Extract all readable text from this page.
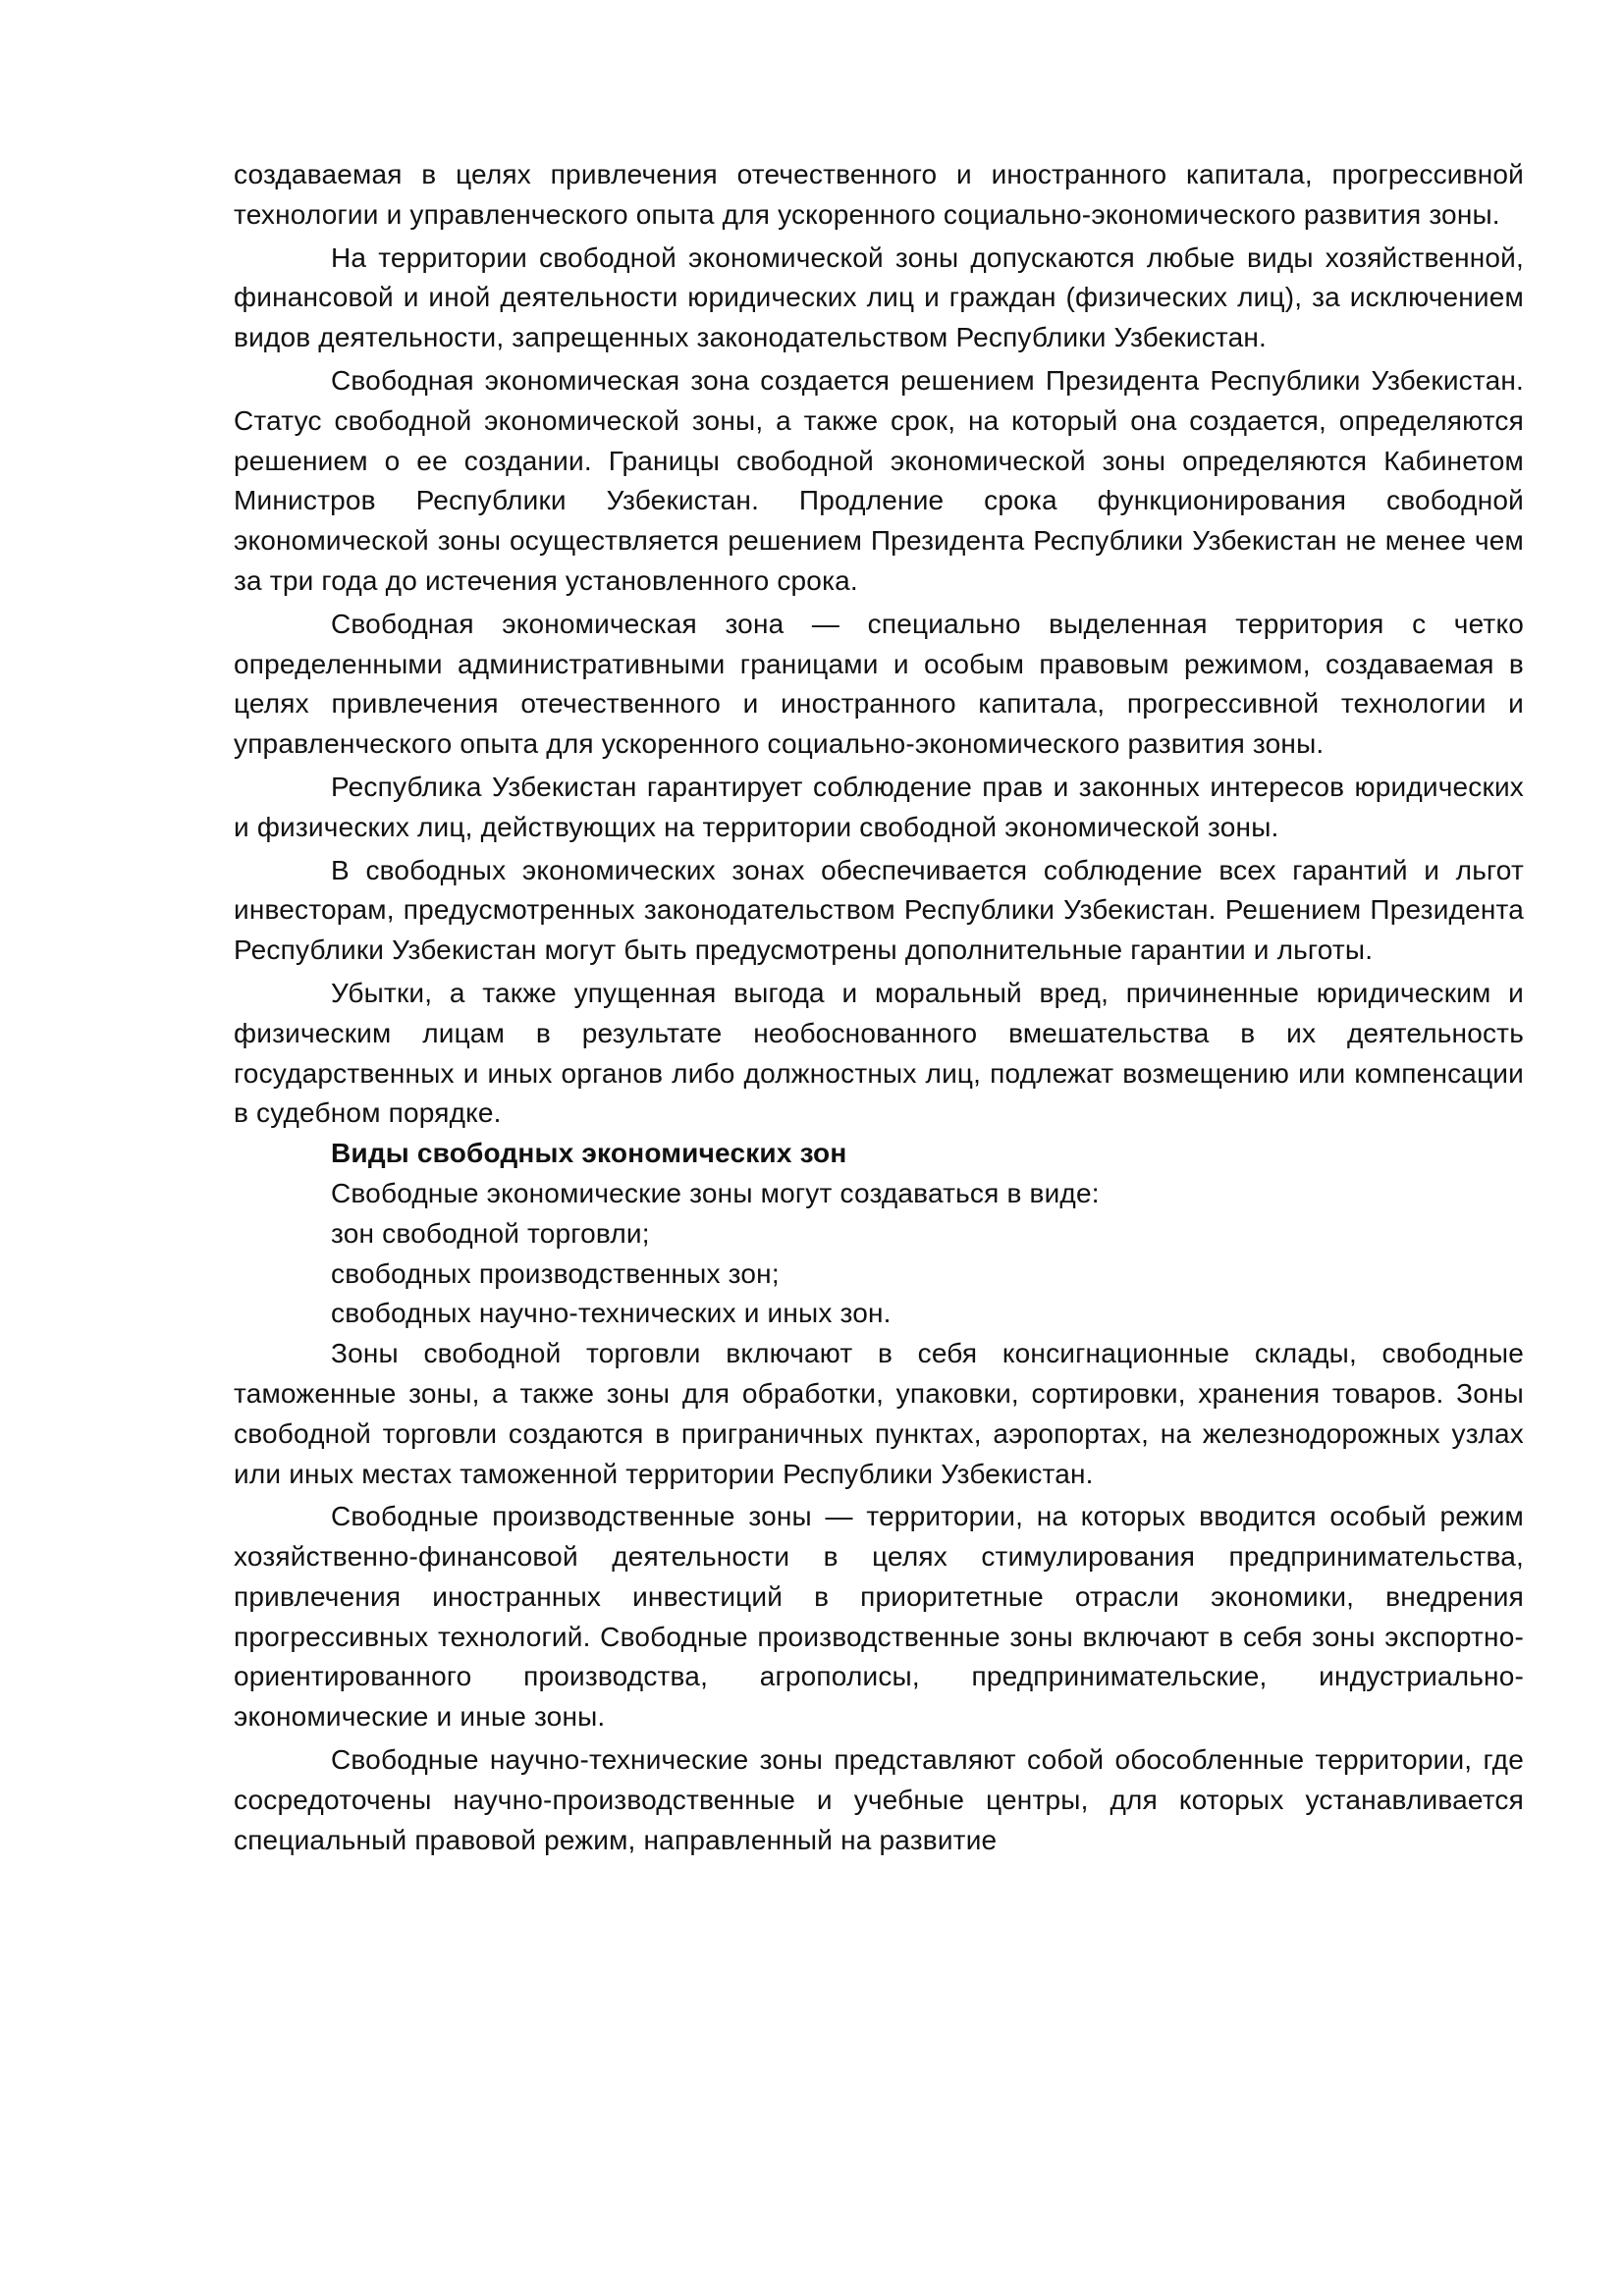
создаваемая в целях привлечения отечественного и иностранного капитала, прогрессивной технологии и управленческого опыта для ускоренного социально-экономического развития зоны.

На территории свободной экономической зоны допускаются любые виды хозяйственной, финансовой и иной деятельности юридических лиц и граждан (физических лиц), за исключением видов деятельности, запрещенных законодательством Республики Узбекистан.

Свободная экономическая зона создается решением Президента Республики Узбекистан. Статус свободной экономической зоны, а также срок, на который она создается, определяются решением о ее создании. Границы свободной экономической зоны определяются Кабинетом Министров Республики Узбекистан. Продление срока функционирования свободной экономической зоны осуществляется решением Президента Республики Узбекистан не менее чем за три года до истечения установленного срока.

Свободная экономическая зона — специально выделенная территория с четко определенными административными границами и особым правовым режимом, создаваемая в целях привлечения отечественного и иностранного капитала, прогрессивной технологии и управленческого опыта для ускоренного социально-экономического развития зоны.

Республика Узбекистан гарантирует соблюдение прав и законных интересов юридических и физических лиц, действующих на территории свободной экономической зоны.

В свободных экономических зонах обеспечивается соблюдение всех гарантий и льгот инвесторам, предусмотренных законодательством Республики Узбекистан. Решением Президента Республики Узбекистан могут быть предусмотрены дополнительные гарантии и льготы.

Убытки, а также упущенная выгода и моральный вред, причиненные юридическим и физическим лицам в результате необоснованного вмешательства в их деятельность государственных и иных органов либо должностных лиц, подлежат возмещению или компенсации в судебном порядке.

Виды свободных экономических зон

Свободные экономические зоны могут создаваться в виде:

зон свободной торговли;

свободных производственных зон;

свободных научно-технических и иных зон.

Зоны свободной торговли включают в себя консигнационные склады, свободные таможенные зоны, а также зоны для обработки, упаковки, сортировки, хранения товаров. Зоны свободной торговли создаются в приграничных пунктах, аэропортах, на железнодорожных узлах или иных местах таможенной территории Республики Узбекистан.

Свободные производственные зоны — территории, на которых вводится особый режим хозяйственно-финансовой деятельности в целях стимулирования предпринимательства, привлечения иностранных инвестиций в приоритетные отрасли экономики, внедрения прогрессивных технологий. Свободные производственные зоны включают в себя зоны экспортно-ориентированного производства, агрополисы, предпринимательские, индустриально-экономические и иные зоны.

Свободные научно-технические зоны представляют собой обособленные территории, где сосредоточены научно-производственные и учебные центры, для которых устанавливается специальный правовой режим, направленный на развитие
